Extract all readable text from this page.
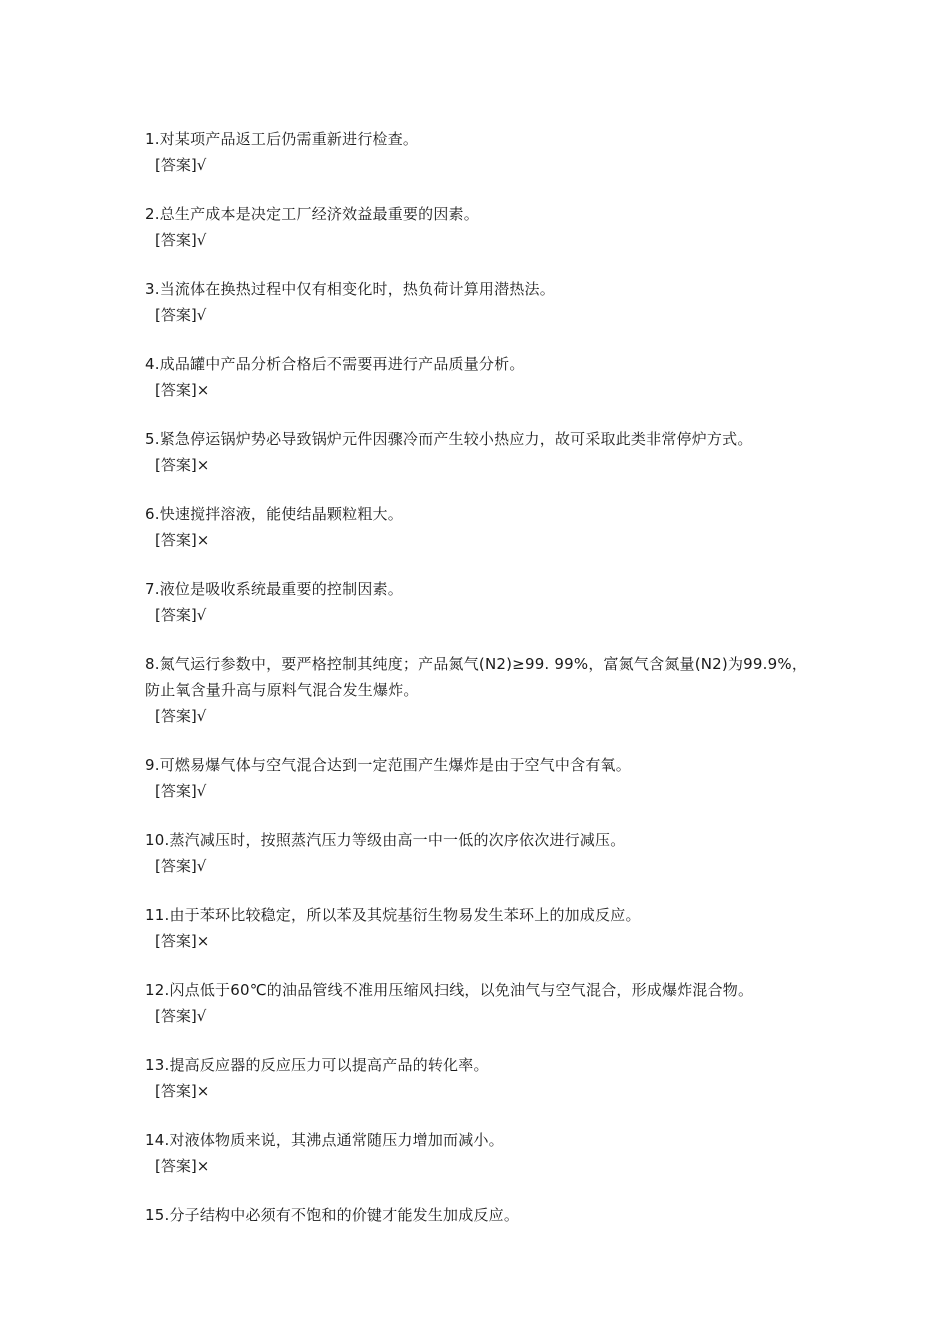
1.对某项产品返工后仍需重新进行检查。

[答案]√

2.总生产成本是决定工厂经济效益最重要的因素。

[答案]√

3.当流体在换热过程中仅有相变化时，热负荷计算用潜热法。

[答案]√

4.成品罐中产品分析合格后不需要再进行产品质量分析。

[答案]×

5.紧急停运锅炉势必导致锅炉元件因骤冷而产生较小热应力，故可采取此类非常停炉方式。

[答案]×

6.快速搅拌溶液，能使结晶颗粒粗大。

[答案]×

7.液位是吸收系统最重要的控制因素。

[答案]√

8.氮气运行参数中，要严格控制其纯度；产品氮气(N2)≥99. 99%，富氮气含氮量(N2)为99.9%，防止氧含量升高与原料气混合发生爆炸。

[答案]√

9.可燃易爆气体与空气混合达到一定范围产生爆炸是由于空气中含有氧。

[答案]√

10.蒸汽减压时，按照蒸汽压力等级由高一中一低的次序依次进行减压。

[答案]√

11.由于苯环比较稳定，所以苯及其烷基衍生物易发生苯环上的加成反应。

[答案]×

12.闪点低于60℃的油品管线不准用压缩风扫线，以免油气与空气混合，形成爆炸混合物。

[答案]√

13.提高反应器的反应压力可以提高产品的转化率。

[答案]×

14.对液体物质来说，其沸点通常随压力增加而减小。

[答案]×

15.分子结构中必须有不饱和的价键才能发生加成反应。
